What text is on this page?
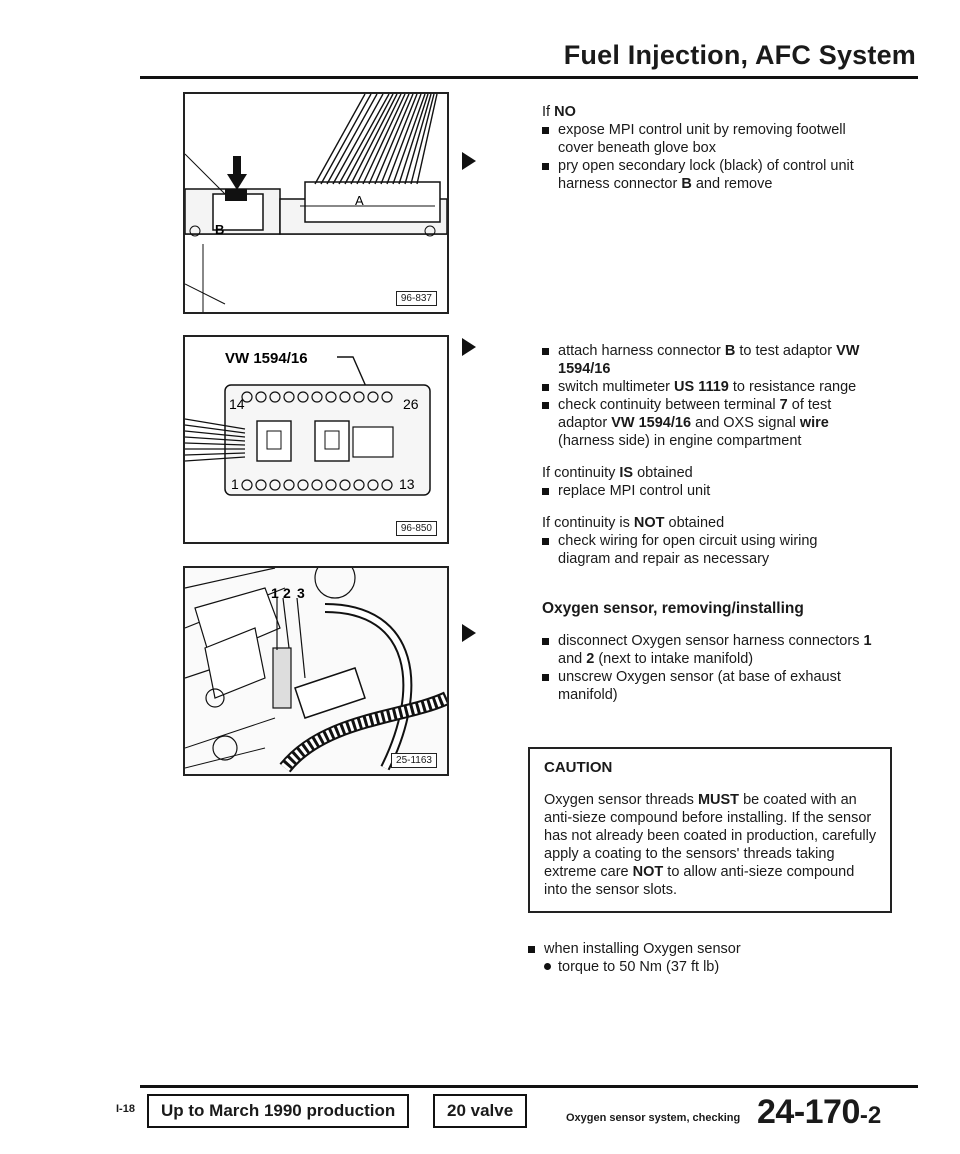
Fuel Injection, AFC System
A
B
96-837
VW 1594/16
14	26
1	13
96-850
1 2 3
25-1163

If NO

expose MPI control unit by removing footwell cover beneath glove box

pry open secondary lock (black) of control unit harness connector B and remove

attach harness connector B to test adaptor VW 1594/16

switch multimeter US 1119 to resistance range

check continuity between terminal 7 of test adaptor VW 1594/16 and OXS signal wire (harness side) in engine compartment

If continuity IS obtained

replace MPI control unit

If continuity is NOT obtained

check wiring for open circuit using wiring diagram and repair as necessary

Oxygen sensor, removing/installing

disconnect Oxygen sensor harness connectors 1 and 2 (next to intake manifold)

unscrew Oxygen sensor (at base of exhaust manifold)

CAUTION

Oxygen sensor threads MUST be coated with an anti-sieze compound before installing. If the sensor has not already been coated in production, carefully apply a coating to the sensors' threads taking extreme care NOT to allow anti-sieze compound into the sensor slots.

when installing Oxygen sensor

torque to 50 Nm (37 ft lb)

I-18	Up to March 1990 production	20 valve	Oxygen sensor system, checking 24-170-2
